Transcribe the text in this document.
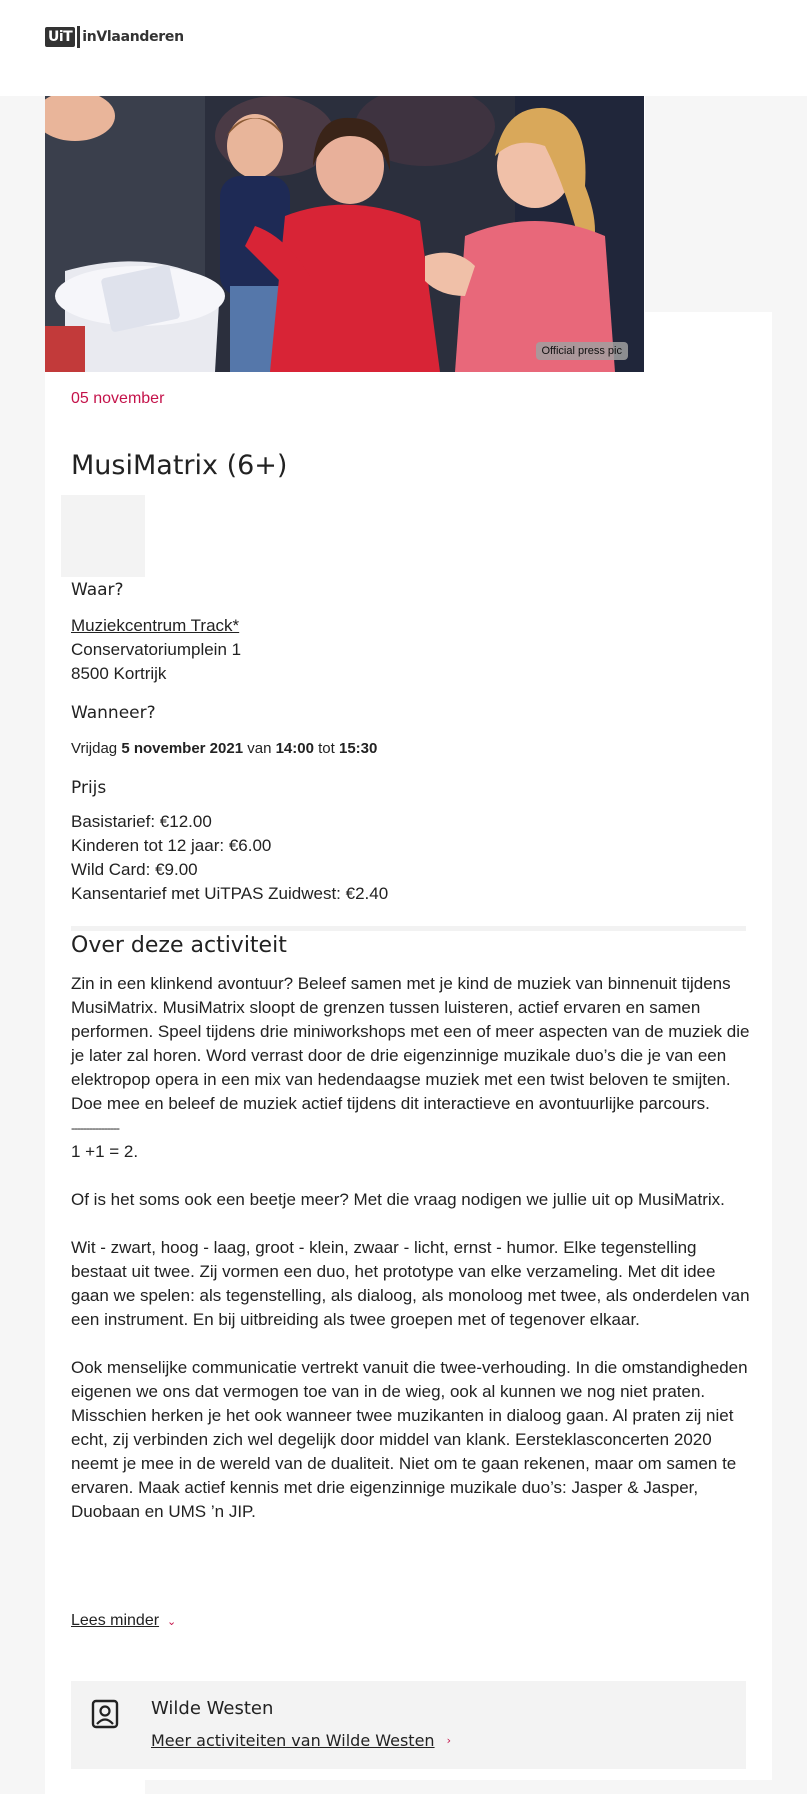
UiT inVlaanderen
Official press pic
05 november
MusiMatrix (6+)
Waar?
Muziekcentrum Track*
Conservatoriumplein 1
8500 Kortrijk
Wanneer?
Vrijdag 5 november 2021 van 14:00 tot 15:30
Prijs
Basistarief: €12.00
Kinderen tot 12 jaar: €6.00
Wild Card: €9.00
Kansentarief met UiTPAS Zuidwest: €2.40
Over deze activiteit

Zin in een klinkend avontuur? Beleef samen met je kind de muziek van binnenuit tijdens MusiMatrix. MusiMatrix sloopt de grenzen tussen luisteren, actief ervaren en samen performen. Speel tijdens drie miniworkshops met een of meer aspecten van de muziek die je later zal horen. Word verrast door de drie eigenzinnige muzikale duo’s die je van een elektropop opera in een mix van hedendaagse muziek met een twist beloven te smijten. Doe mee en beleef de muziek actief tijdens dit interactieve en avontuurlijke parcours.

----------------

1 +1 = 2.

Of is het soms ook een beetje meer? Met die vraag nodigen we jullie uit op MusiMatrix.

Wit - zwart, hoog - laag, groot - klein, zwaar - licht, ernst - humor. Elke tegenstelling bestaat uit twee. Zij vormen een duo, het prototype van elke verzameling. Met dit idee gaan we spelen: als tegenstelling, als dialoog, als monoloog met twee, als onderdelen van een instrument. En bij uitbreiding als twee groepen met of tegenover elkaar.

Ook menselijke communicatie vertrekt vanuit die twee-verhouding. In die omstandigheden eigenen we ons dat vermogen toe van in de wieg, ook al kunnen we nog niet praten. Misschien herken je het ook wanneer twee muzikanten in dialoog gaan. Al praten zij niet echt, zij verbinden zich wel degelijk door middel van klank. Eersteklasconcerten 2020 neemt je mee in de wereld van de dualiteit. Niet om te gaan rekenen, maar om samen te ervaren. Maak actief kennis met drie eigenzinnige muzikale duo’s: Jasper & Jasper, Duobaan en UMS ’n JIP.

Lees minder ⌄
Wilde Westen
Meer activiteiten van Wilde Westen ›
